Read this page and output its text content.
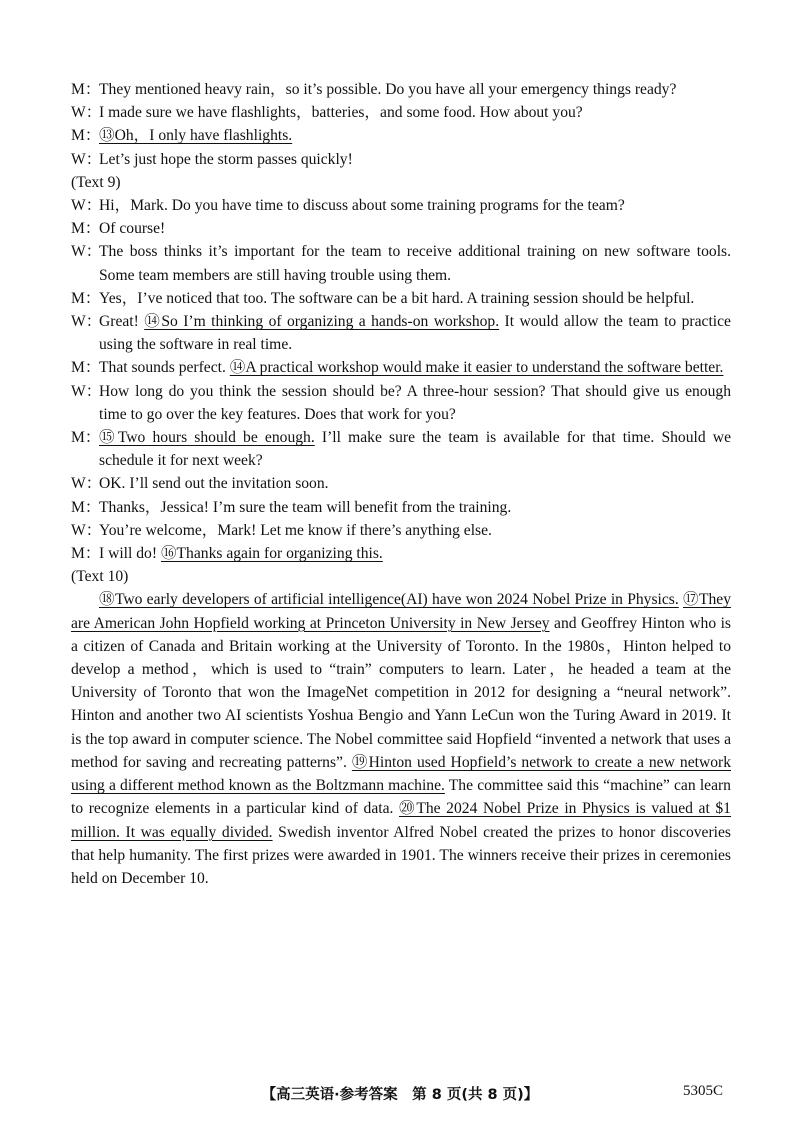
M：
They mentioned heavy rain，so it’s possible. Do you have all your emergency things ready?
W：
I made sure we have flashlights，batteries，and some food. How about you?
M：
⑬Oh，I only have flashlights.
W：
Let’s just hope the storm passes quickly!
(Text 9)
W：
Hi，Mark. Do you have time to discuss about some training programs for the team?
M：
Of course!
W：
The boss thinks it’s important for the team to receive additional training on new software tools. Some team members are still having trouble using them.
M：
Yes，I’ve noticed that too. The software can be a bit hard. A training session should be helpful.
W：
Great! ⑭So I’m thinking of organizing a hands-on workshop. It would allow the team to practice using the software in real time.
M：
That sounds perfect. ⑭A practical workshop would make it easier to understand the software better.
W：
How long do you think the session should be? A three-hour session? That should give us enough time to go over the key features. Does that work for you?
M：
⑮Two hours should be enough. I’ll make sure the team is available for that time. Should we schedule it for next week?
W：
OK. I’ll send out the invitation soon.
M：
Thanks，Jessica! I’m sure the team will benefit from the training.
W：
You’re welcome，Mark! Let me know if there’s anything else.
M：
I will do! ⑯Thanks again for organizing this.
(Text 10)
⑱Two early developers of artificial intelligence(AI) have won 2024 Nobel Prize in Physics. ⑰They are American John Hopfield working at Princeton University in New Jersey and Geoffrey Hinton who is a citizen of Canada and Britain working at the University of Toronto. In the 1980s，Hinton helped to develop a method，which is used to “train” computers to learn. Later，he headed a team at the University of Toronto that won the ImageNet competition in 2012 for designing a “neural network”. Hinton and another two AI scientists Yoshua Bengio and Yann LeCun won the Turing Award in 2019. It is the top award in computer science. The Nobel committee said Hopfield “invented a network that uses a method for saving and recreating patterns”. ⑲Hinton used Hopfield’s network to create a new network using a different method known as the Boltzmann machine. The committee said this “machine” can learn to recognize elements in a particular kind of data. ⑳The 2024 Nobel Prize in Physics is valued at $1 million. It was equally divided. Swedish inventor Alfred Nobel created the prizes to honor discoveries that help humanity. The first prizes were awarded in 1901. The winners receive their prizes in ceremonies held on December 10.
【高三英语·参考答案　第 8 页(共 8 页)】	5305C
